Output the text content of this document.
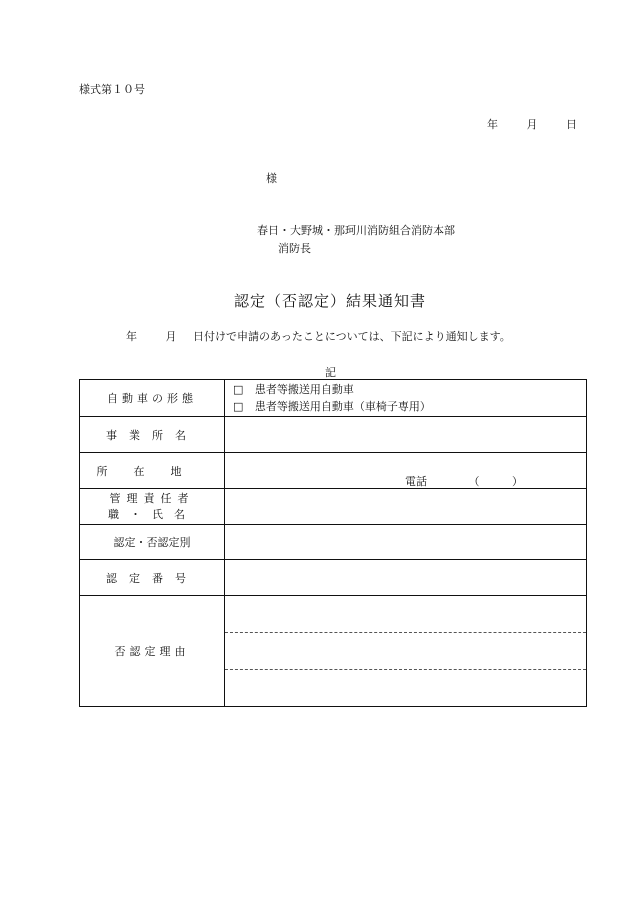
様式第１０号
年	月	日
様
春日・大野城・那珂川消防組合消防本部
消防長
認定（否認定）結果通知書
年	月 日付けで申請のあったことについては、下記により通知します。
記
自動車の形態	□ 患者等搬送用自動車
□ 患者等搬送用自動車（車椅子専用）

事業所名	
所在地	電話 （ ）

管理責任者
職・氏名	

認定・否認定別	
認定番号	
否認定理由	
